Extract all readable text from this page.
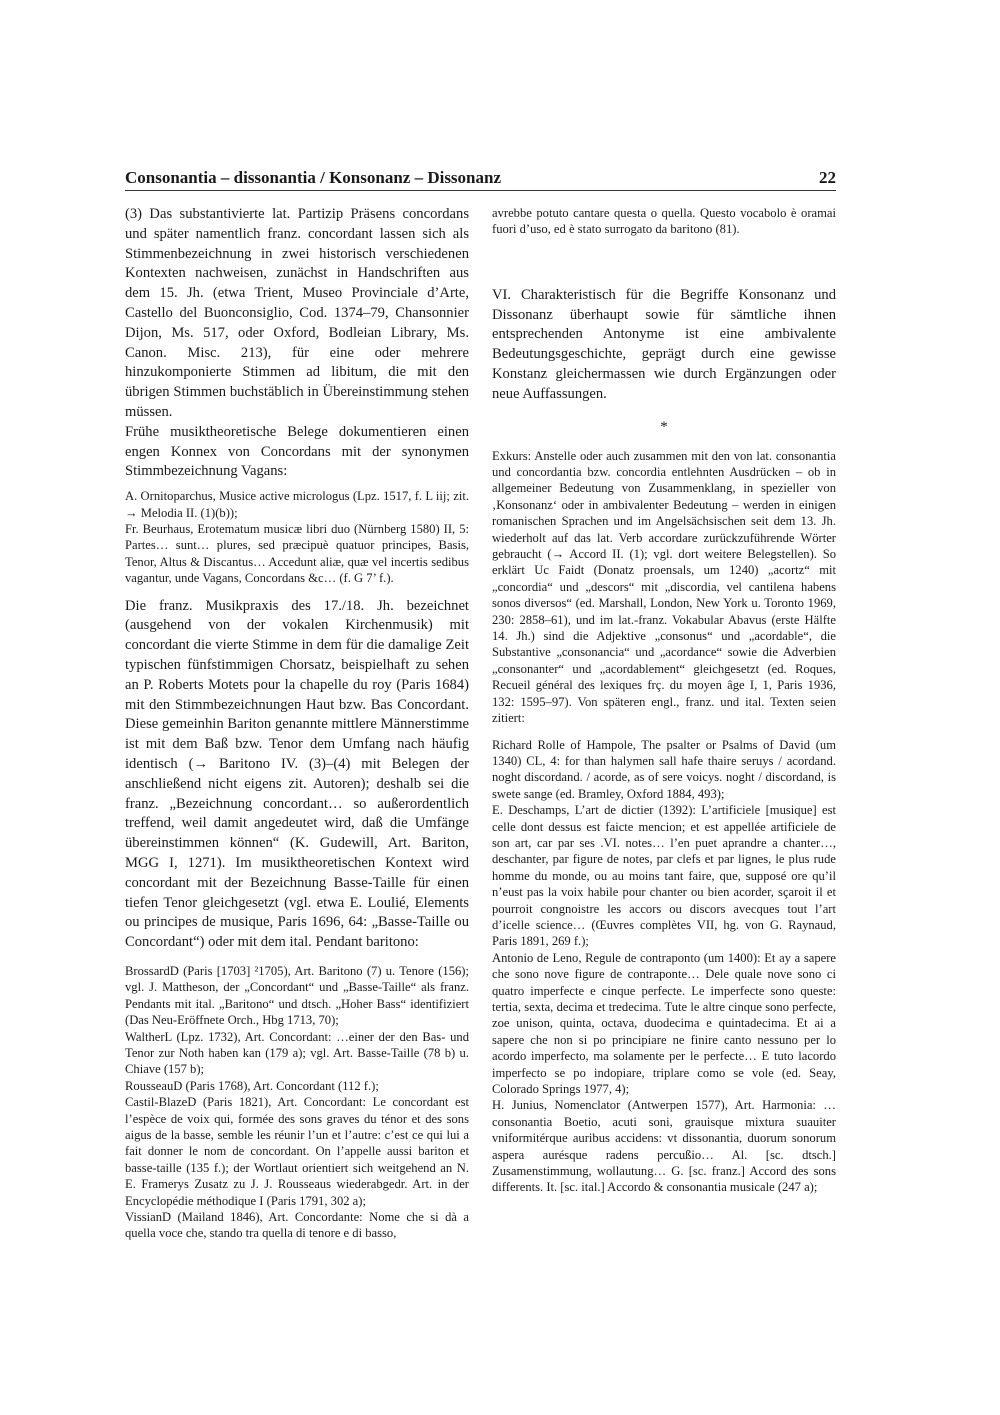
Consonantia – dissonantia / Konsonanz – Dissonanz	22

(3) Das substantivierte lat. Partizip Präsens concordans und später namentlich franz. concordant lassen sich als Stimmenbezeichnung in zwei historisch verschiedenen Kontexten nachweisen, zunächst in Handschriften aus dem 15. Jh. (etwa Trient, Museo Provinciale d’Arte, Castello del Buonconsiglio, Cod. 1374–79, Chansonnier Dijon, Ms. 517, oder Oxford, Bodleian Library, Ms. Canon. Misc. 213), für eine oder mehrere hinzukomponierte Stimmen ad libitum, die mit den übrigen Stimmen buchstäblich in Übereinstimmung stehen müssen.

Frühe musiktheoretische Belege dokumentieren einen engen Konnex von Concordans mit der synonymen Stimmbezeichnung Vagans:

A. Ornitoparchus, Musice active micrologus (Lpz. 1517, f. L iij; zit. → Melodia II. (1)(b));
Fr. Beurhaus, Erotematum musicæ libri duo (Nürnberg 1580) II, 5: Partes… sunt… plures, sed præcipuè quatuor principes, Basis, Tenor, Altus & Discantus… Accedunt aliæ, quæ vel incertis sedibus vagantur, unde Vagans, Concordans &c… (f. G 7’ f.).

Die franz. Musikpraxis des 17./18. Jh. bezeichnet (ausgehend von der vokalen Kirchenmusik) mit concordant die vierte Stimme in dem für die damalige Zeit typischen fünfstimmigen Chorsatz, beispielhaft zu sehen an P. Roberts Motets pour la chapelle du roy (Paris 1684) mit den Stimmbezeichnungen Haut bzw. Bas Concordant. Diese gemeinhin Bariton genannte mittlere Männerstimme ist mit dem Baß bzw. Tenor dem Umfang nach häufig identisch (→ Baritono IV. (3)–(4) mit Belegen der anschließend nicht eigens zit. Autoren); deshalb sei die franz. „Bezeichnung concordant… so außerordentlich treffend, weil damit angedeutet wird, daß die Umfänge übereinstimmen können“ (K. Gudewill, Art. Bariton, MGG I, 1271). Im musiktheoretischen Kontext wird concordant mit der Bezeichnung Basse-Taille für einen tiefen Tenor gleichgesetzt (vgl. etwa E. Loulié, Elements ou principes de musique, Paris 1696, 64: „Basse-Taille ou Concordant“) oder mit dem ital. Pendant baritono:

BrossardD (Paris [1703] ²1705), Art. Baritono (7) u. Tenore (156); vgl. J. Mattheson, der „Concordant“ und „Basse-Taille“ als franz. Pendants mit ital. „Baritono“ und dtsch. „Hoher Bass“ identifiziert (Das Neu-Eröffnete Orch., Hbg 1713, 70);
WaltherL (Lpz. 1732), Art. Concordant: …einer der den Bas- und Tenor zur Noth haben kan (179 a); vgl. Art. Basse-Taille (78 b) u. Chiave (157 b);
RousseauD (Paris 1768), Art. Concordant (112 f.);
Castil-BlazeD (Paris 1821), Art. Concordant: Le concordant est l’espèce de voix qui, formée des sons graves du ténor et des sons aigus de la basse, semble les réunir l’un et l’autre: c’est ce qui lui a fait donner le nom de concordant. On l’appelle aussi bariton et basse-taille (135 f.); der Wortlaut orientiert sich weitgehend an N. E. Framerys Zusatz zu J. J. Rousseaus wiederabgedr. Art. in der Encyclopédie méthodique I (Paris 1791, 302 a);
VissianD (Mailand 1846), Art. Concordante: Nome che si dà a quella voce che, stando tra quella di tenore e di basso,
avrebbe potuto cantare questa o quella. Questo vocabolo è oramai fuori d’uso, ed è stato surrogato da baritono (81).

VI. Charakteristisch für die Begriffe Konsonanz und Dissonanz überhaupt sowie für sämtliche ihnen entsprechenden Antonyme ist eine ambivalente Bedeutungsgeschichte, geprägt durch eine gewisse Konstanz gleichermassen wie durch Ergänzungen oder neue Auffassungen.

*

Exkurs: Anstelle oder auch zusammen mit den von lat. consonantia und concordantia bzw. concordia entlehnten Ausdrücken – ob in allgemeiner Bedeutung von Zusammenklang, in spezieller von ‚Konsonanz‘ oder in ambivalenter Bedeutung – werden in einigen romanischen Sprachen und im Angelsächsischen seit dem 13. Jh. wiederholt auf das lat. Verb accordare zurückzuführende Wörter gebraucht (→ Accord II. (1); vgl. dort weitere Belegstellen). So erklärt Uc Faidt (Donatz proensals, um 1240) „acortz“ mit „concordia“ und „descors“ mit „discordia, vel cantilena habens sonos diversos“ (ed. Marshall, London, New York u. Toronto 1969, 230: 2858–61), und im lat.-franz. Vokabular Abavus (erste Hälfte 14. Jh.) sind die Adjektive „consonus“ und „acordable“, die Substantive „consonancia“ und „acordance“ sowie die Adverbien „consonanter“ und „acordablement“ gleichgesetzt (ed. Roques, Recueil général des lexiques frç. du moyen âge I, 1, Paris 1936, 132: 1595–97). Von späteren engl., franz. und ital. Texten seien zitiert:

Richard Rolle of Hampole, The psalter or Psalms of David (um 1340) CL, 4: for than halymen sall hafe thaire seruys / acordand. noght discordand. / acorde, as of sere voicys. noght / discordand, is swete sange (ed. Bramley, Oxford 1884, 493);
E. Deschamps, L’art de dictier (1392): L’artificiele [musique] est celle dont dessus est faicte mencion; et est appellée artificiele de son art, car par ses .VI. notes… l’en puet aprandre a chanter…, deschanter, par figure de notes, par clefs et par lignes, le plus rude homme du monde, ou au moins tant faire, que, supposé ore qu’il n’eust pas la voix habile pour chanter ou bien acorder, sçaroit il et pourroit congnoistre les accors ou discors avecques tout l’art d’icelle science… (Œuvres complètes VII, hg. von G. Raynaud, Paris 1891, 269 f.);
Antonio de Leno, Regule de contraponto (um 1400): Et ay a sapere che sono nove figure de contraponte… Dele quale nove sono ci quatro imperfecte e cinque perfecte. Le imperfecte sono queste: tertia, sexta, decima et tredecima. Tute le altre cinque sono perfecte, zoe unison, quinta, octava, duodecima e quintadecima. Et ai a sapere che non si po principiare ne finire canto nessuno per lo acordo imperfecto, ma solamente per le perfecte… E tuto lacordo imperfecto se po indopiare, triplare como se vole (ed. Seay, Colorado Springs 1977, 4);
H. Junius, Nomenclator (Antwerpen 1577), Art. Harmonia: …consonantia Boetio, acuti soni, grauisque mixtura suauiter vniformitérque auribus accidens: vt dissonantia, duorum sonorum aspera aurésque radens percußio… Al. [sc. dtsch.] Zusamenstimmung, wollautung… G. [sc. franz.] Accord des sons differents. It. [sc. ital.] Accordo & consonantia musicale (247 a);
